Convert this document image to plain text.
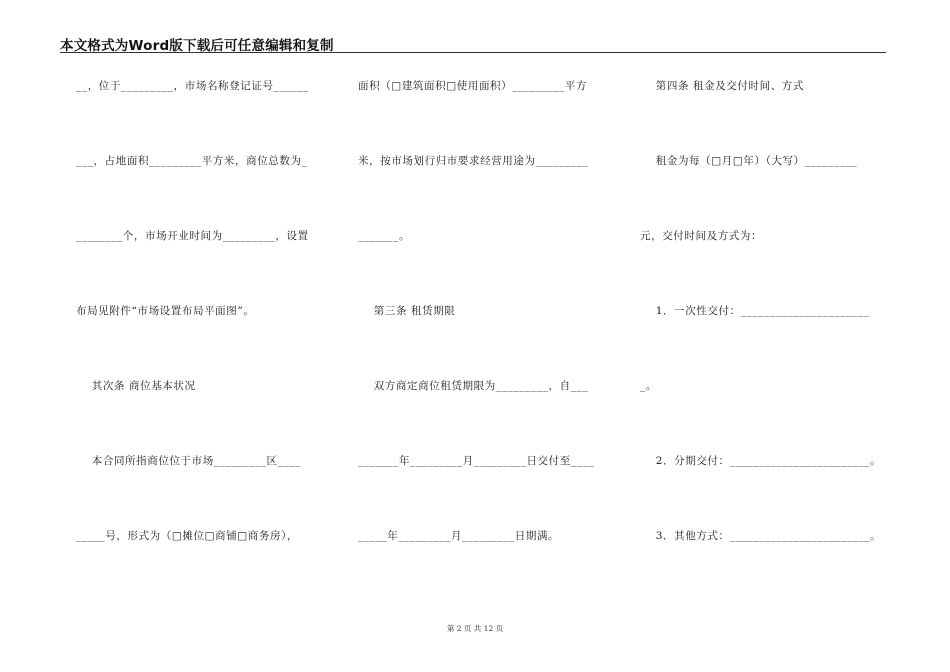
本文格式为Word版下载后可任意编辑和复制
__，位于_________，市场名称登记证号______
___，占地面积_________平方米，商位总数为_
________个，市场开业时间为_________，设置
布局见附件“市场设置布局平面图”。
其次条 商位基本状况
本合同所指商位位于市场_________区____
_____号，形式为（□摊位□商铺□商务房），
面积（□建筑面积□使用面积）_________平方
米，按市场划行归市要求经营用途为_________
_______。
第三条 租赁期限
双方商定商位租赁期限为_________，自___
_______年_________月_________日交付至____
_____年_________月_________日期满。
第四条 租金及交付时间、方式
租金为每（□月□年）（大写）_________
元，交付时间及方式为：
1．一次性交付：______________________
_。
2．分期交付：________________________。
3．其他方式：________________________。
第 2 页 共 12 页
